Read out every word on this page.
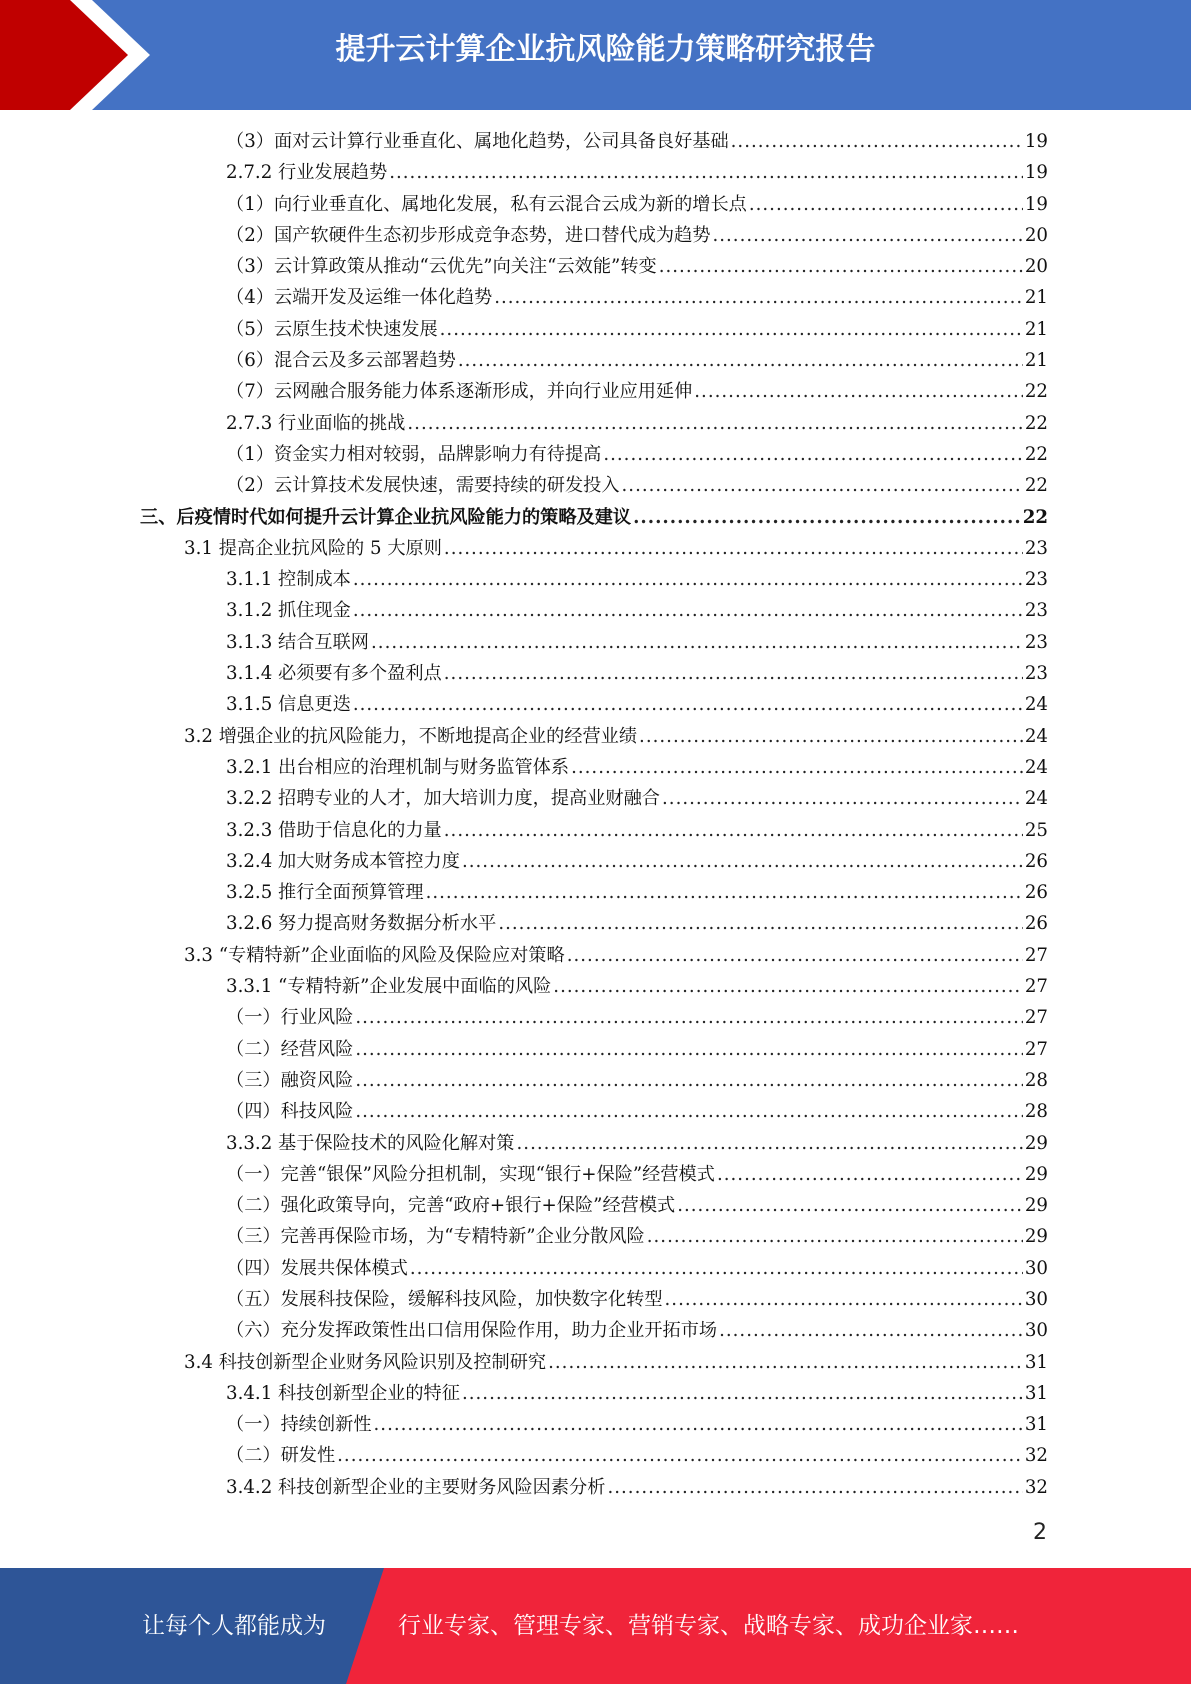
提升云计算企业抗风险能力策略研究报告
（3）面对云计算行业垂直化、属地化趋势，公司具备良好基础 .....	19
2.7.2 行业发展趋势 .....	19
（1）向行业垂直化、属地化发展，私有云混合云成为新的增长点 .....	19
（2）国产软硬件生态初步形成竞争态势，进口替代成为趋势 .....	20
（3）云计算政策从推动“云优先”向关注“云效能”转变 .....	20
（4）云端开发及运维一体化趋势 .....	21
（5）云原生技术快速发展 .....	21
（6）混合云及多云部署趋势 .....	21
（7）云网融合服务能力体系逐渐形成，并向行业应用延伸 .....	22
2.7.3 行业面临的挑战 .....	22
（1）资金实力相对较弱，品牌影响力有待提高 .....	22
（2）云计算技术发展快速，需要持续的研发投入 .....	22
三、后疫情时代如何提升云计算企业抗风险能力的策略及建议 .....	22
3.1 提高企业抗风险的 5 大原则 .....	23
3.1.1 控制成本 .....	23
3.1.2 抓住现金 .....	23
3.1.3 结合互联网 .....	23
3.1.4 必须要有多个盈利点 .....	23
3.1.5 信息更迭 .....	24
3.2 增强企业的抗风险能力，不断地提高企业的经营业绩 .....	24
3.2.1 出台相应的治理机制与财务监管体系 .....	24
3.2.2 招聘专业的人才，加大培训力度，提高业财融合 .....	24
3.2.3 借助于信息化的力量 .....	25
3.2.4 加大财务成本管控力度 .....	26
3.2.5 推行全面预算管理 .....	26
3.2.6 努力提高财务数据分析水平 .....	26
3.3 “专精特新”企业面临的风险及保险应对策略 .....	27
3.3.1 “专精特新”企业发展中面临的风险 .....	27
（一）行业风险 .....	27
（二）经营风险 .....	27
（三）融资风险 .....	28
（四）科技风险 .....	28
3.3.2 基于保险技术的风险化解对策 .....	29
（一）完善“银保”风险分担机制，实现“银行+保险”经营模式 .....	29
（二）强化政策导向，完善“政府+银行+保险”经营模式 .....	29
（三）完善再保险市场，为“专精特新”企业分散风险 .....	29
（四）发展共保体模式 .....	30
（五）发展科技保险，缓解科技风险，加快数字化转型 .....	30
（六）充分发挥政策性出口信用保险作用，助力企业开拓市场 .....	30
3.4 科技创新型企业财务风险识别及控制研究 .....	31
3.4.1 科技创新型企业的特征 .....	31
（一）持续创新性 .....	31
（二）研发性 .....	32
3.4.2 科技创新型企业的主要财务风险因素分析 .....	32
2
让每个人都能成为	行业专家、管理专家、营销专家、战略专家、成功企业家……
